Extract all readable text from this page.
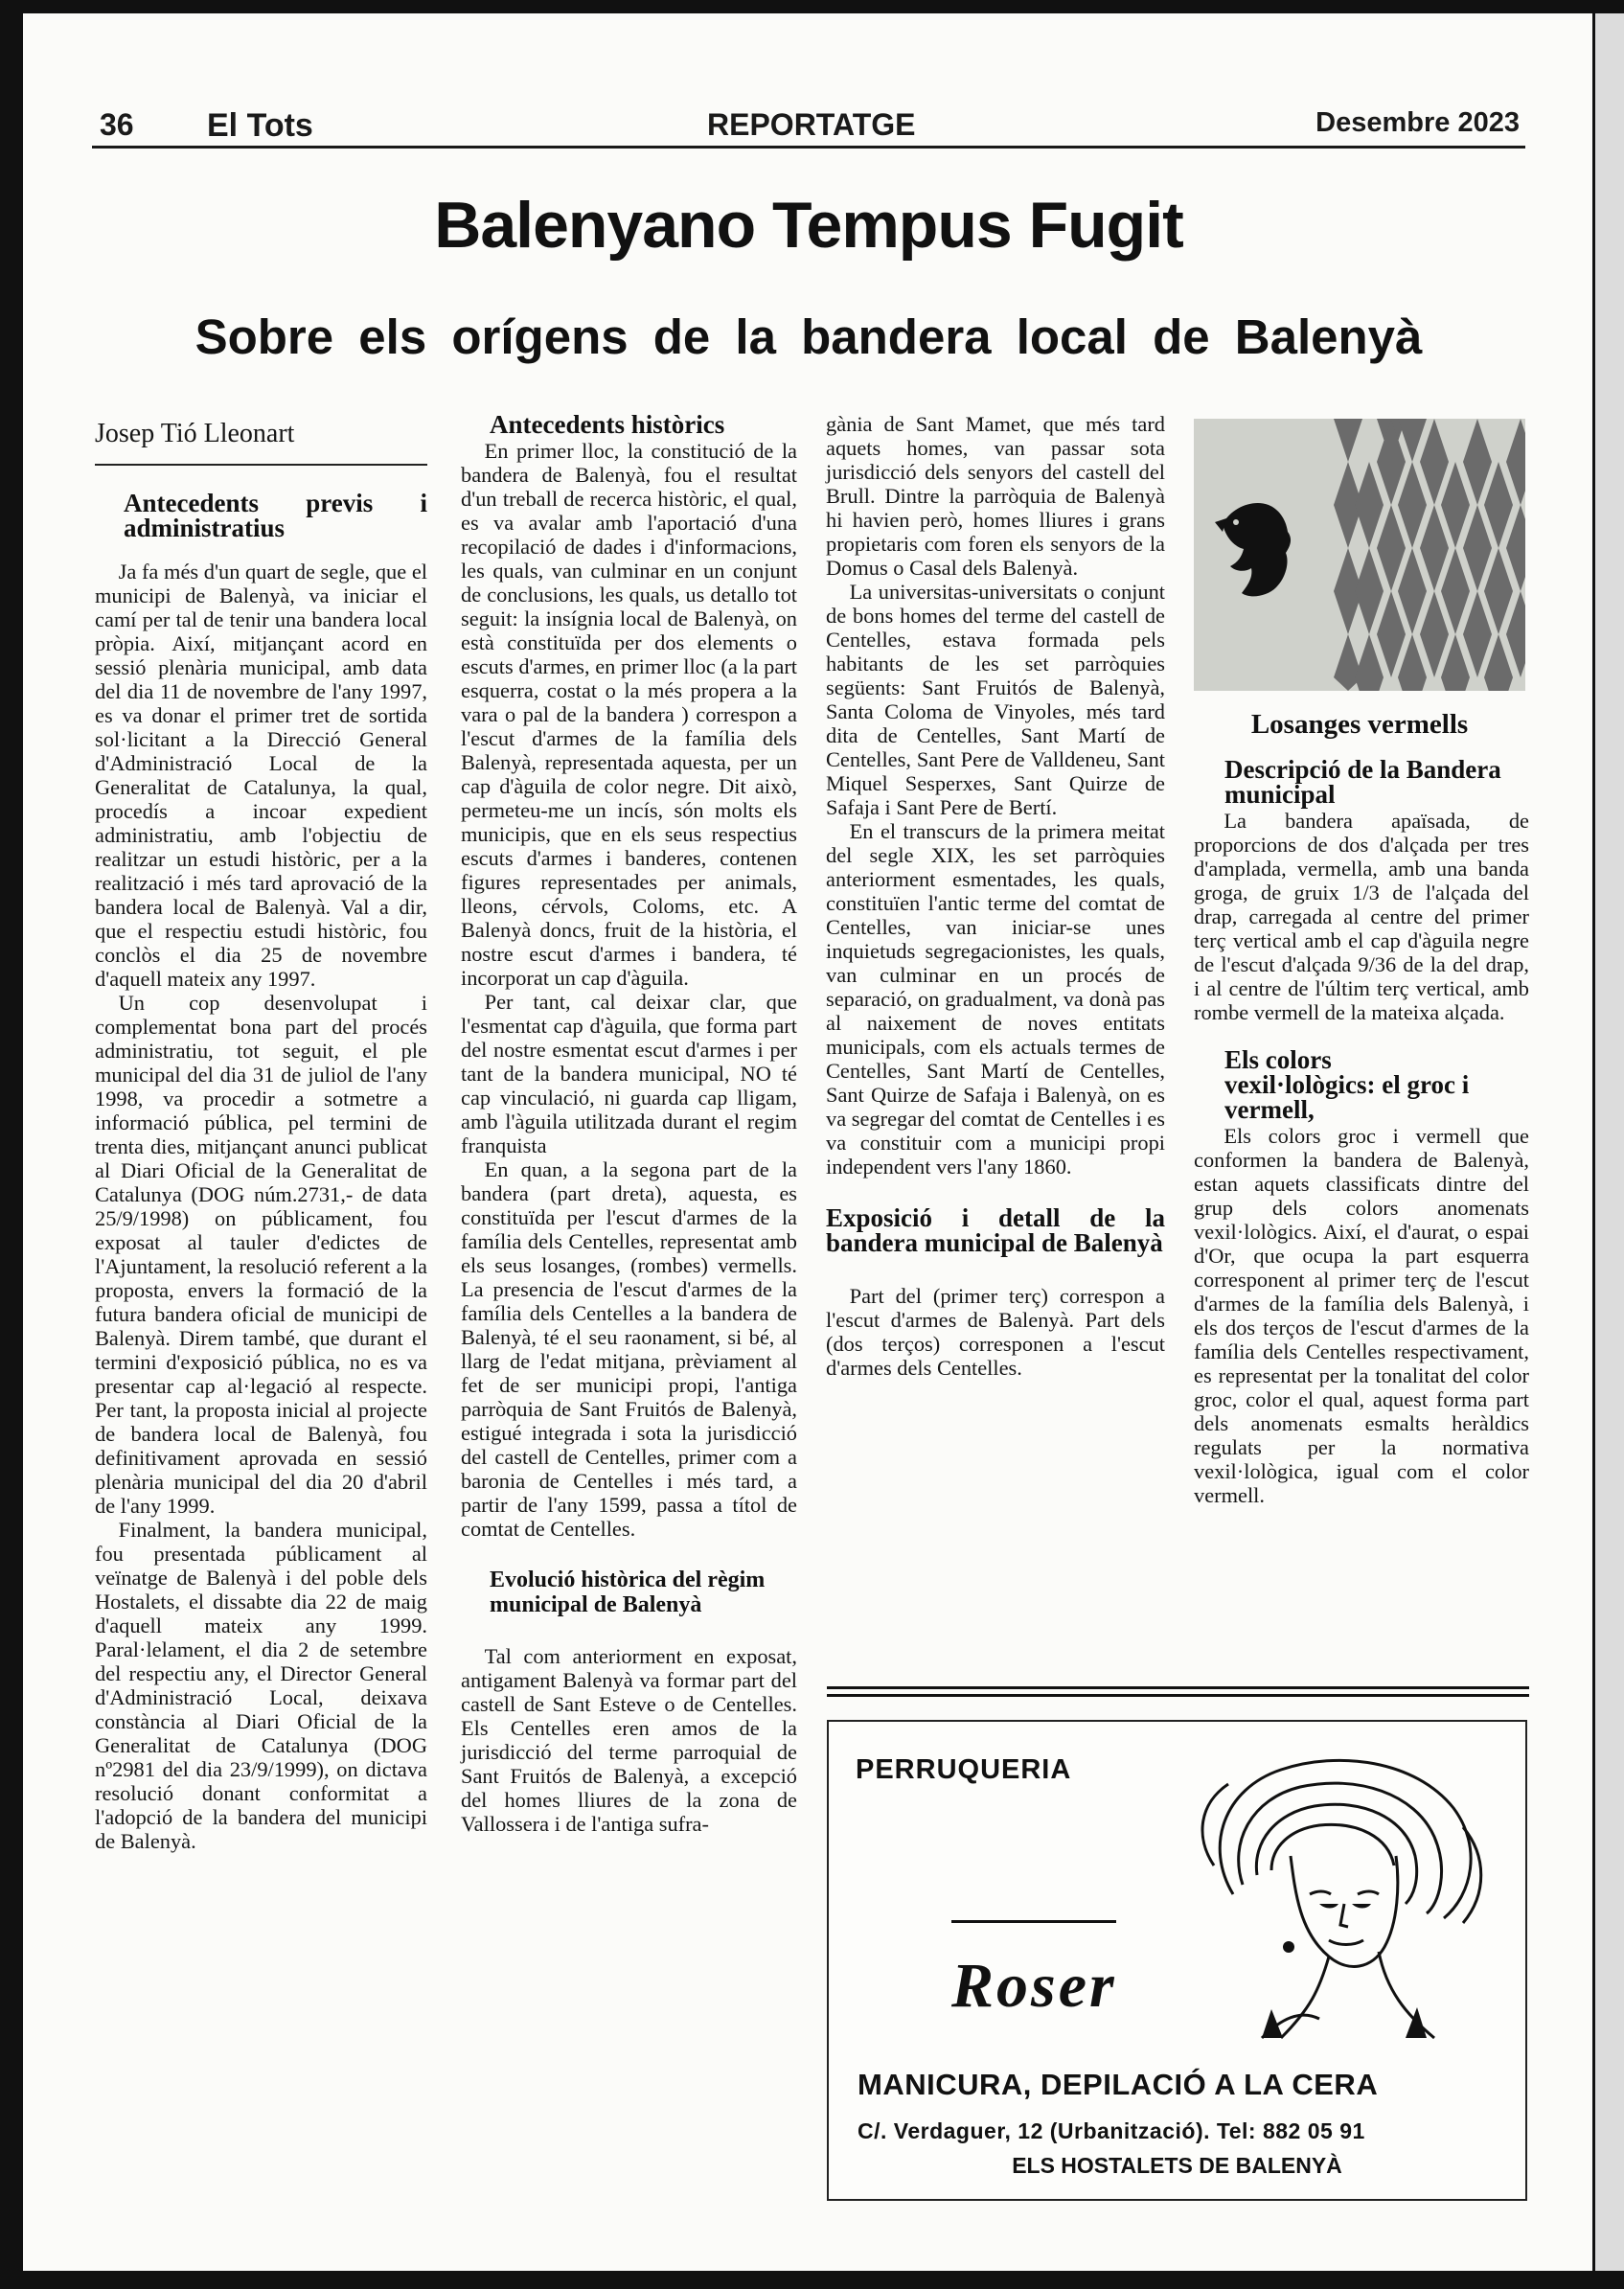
36 El Tots	REPORTATGE	Desembre 2023
Balenyano Tempus Fugit
Sobre els orígens de la bandera local de Balenyà

Josep Tió Lleonart

Antecedents previs i administratius

Ja fa més d'un quart de segle, que el municipi de Balenyà, va iniciar el camí per tal de tenir una bandera local pròpia. Així, mitjançant acord en sessió plenària municipal, amb data del dia 11 de novembre de l'any 1997, es va donar el primer tret de sortida sol·licitant a la Direcció General d'Administració Local de la Generalitat de Catalunya, la qual, procedís a incoar expedient administratiu, amb l'objectiu de realitzar un estudi històric, per a la realització i més tard aprovació de la bandera local de Balenyà. Val a dir, que el respectiu estudi històric, fou conclòs el dia 25 de novembre d'aquell mateix any 1997.

Un cop desenvolupat i complementat bona part del procés administratiu, tot seguit, el ple municipal del dia 31 de juliol de l'any 1998, va procedir a sotmetre a informació pública, pel termini de trenta dies, mitjançant anunci publicat al Diari Oficial de la Generalitat de Catalunya (DOG núm.2731,- de data 25/9/1998) on públicament, fou exposat al tauler d'edictes de l'Ajuntament, la resolució referent a la proposta, envers la formació de la futura bandera oficial de municipi de Balenyà. Direm també, que durant el termini d'exposició pública, no es va presentar cap al·legació al respecte. Per tant, la proposta inicial al projecte de bandera local de Balenyà, fou definitivament aprovada en sessió plenària municipal del dia 20 d'abril de l'any 1999.

Finalment, la bandera municipal, fou presentada públicament al veïnatge de Balenyà i del poble dels Hostalets, el dissabte dia 22 de maig d'aquell mateix any 1999. Paral·lelament, el dia 2 de setembre del respectiu any, el Director General d'Administració Local, deixava constància al Diari Oficial de la Generalitat de Catalunya (DOG nº2981 del dia 23/9/1999), on dictava resolució donant conformitat a l'adopció de la bandera del municipi de Balenyà.

Antecedents històrics

En primer lloc, la constitució de la bandera de Balenyà, fou el resultat d'un treball de recerca històric, el qual, es va avalar amb l'aportació d'una recopilació de dades i d'informacions, les quals, van culminar en un conjunt de conclusions, les quals, us detallo tot seguit: la insígnia local de Balenyà, on està constituïda per dos elements o escuts d'armes, en primer lloc (a la part esquerra, costat o la més propera a la vara o pal de la bandera ) correspon a l'escut d'armes de la família dels Balenyà, representada aquesta, per un cap d'àguila de color negre. Dit això, permeteu-me un incís, són molts els municipis, que en els seus respectius escuts d'armes i banderes, contenen figures representades per animals, lleons, cérvols, Coloms, etc. A Balenyà doncs, fruit de la història, el nostre escut d'armes i bandera, té incorporat un cap d'àguila.

Per tant, cal deixar clar, que l'esmentat cap d'àguila, que forma part del nostre esmentat escut d'armes i per tant de la bandera municipal, NO té cap vinculació, ni guarda cap lligam, amb l'àguila utilitzada durant el regim franquista

En quan, a la segona part de la bandera (part dreta), aquesta, es constituïda per l'escut d'armes de la família dels Centelles, representat amb els seus losanges, (rombes) vermells. La presencia de l'escut d'armes de la família dels Centelles a la bandera de Balenyà, té el seu raonament, si bé, al llarg de l'edat mitjana, prèviament al fet de ser municipi propi, l'antiga parròquia de Sant Fruitós de Balenyà, estigué integrada i sota la jurisdicció del castell de Centelles, primer com a baronia de Centelles i més tard, a partir de l'any 1599, passa a títol de comtat de Centelles.

Evolució històrica del règim municipal de Balenyà

Tal com anteriorment en exposat, antigament Balenyà va formar part del castell de Sant Esteve o de Centelles. Els Centelles eren amos de la jurisdicció del terme parroquial de Sant Fruitós de Balenyà, a excepció del homes lliures de la zona de Vallossera i de l'antiga sufra-

gània de Sant Mamet, que més tard aquets homes, van passar sota jurisdicció dels senyors del castell del Brull. Dintre la parròquia de Balenyà hi havien però, homes lliures i grans propietaris com foren els senyors de la Domus o Casal dels Balenyà.

La universitas-universitats o conjunt de bons homes del terme del castell de Centelles, estava formada pels habitants de les set parròquies següents: Sant Fruitós de Balenyà, Santa Coloma de Vinyoles, més tard dita de Centelles, Sant Martí de Centelles, Sant Pere de Valldeneu, Sant Miquel Sesperxes, Sant Quirze de Safaja i Sant Pere de Bertí.

En el transcurs de la primera meitat del segle XIX, les set parròquies anteriorment esmentades, les quals, constituïen l'antic terme del comtat de Centelles, van iniciar-se unes inquietuds segregacionistes, les quals, van culminar en un procés de separació, on gradualment, va donà pas al naixement de noves entitats municipals, com els actuals termes de Centelles, Sant Martí de Centelles, Sant Quirze de Safaja i Balenyà, on es va segregar del comtat de Centelles i es va constituir com a municipi propi independent vers l'any 1860.

Exposició i detall de la bandera municipal de Balenyà

Part del (primer terç) correspon a l'escut d'armes de Balenyà. Part dels (dos terços) corresponen a l'escut d'armes dels Centelles.

Losanges vermells
Descripció de la Bandera municipal

La bandera apaïsada, de proporcions de dos d'alçada per tres d'amplada, vermella, amb una banda groga, de gruix 1/3 de l'alçada del drap, carregada al centre del primer terç vertical amb el cap d'àguila negre de l'escut d'alçada 9/36 de la del drap, i al centre de l'últim terç vertical, amb rombe vermell de la mateixa alçada.

Els colors vexil·lològics: el groc i vermell,

Els colors groc i vermell que conformen la bandera de Balenyà, estan aquets classificats dintre del grup dels colors anomenats vexil·lològics. Així, el d'aurat, o espai d'Or, que ocupa la part esquerra corresponent al primer terç de l'escut d'armes de la família dels Balenyà, i els dos terços de l'escut d'armes de la família dels Centelles respectivament, es representat per la tonalitat del color groc, color el qual, aquest forma part dels anomenats esmalts heràldics regulats per la normativa vexil·lològica, igual com el color vermell.

PERRUQUERIA
Roser
MANICURA, DEPILACIÓ A LA CERA
C/. Verdaguer, 12 (Urbanització). Tel: 882 05 91
ELS HOSTALETS DE BALENYÀ
